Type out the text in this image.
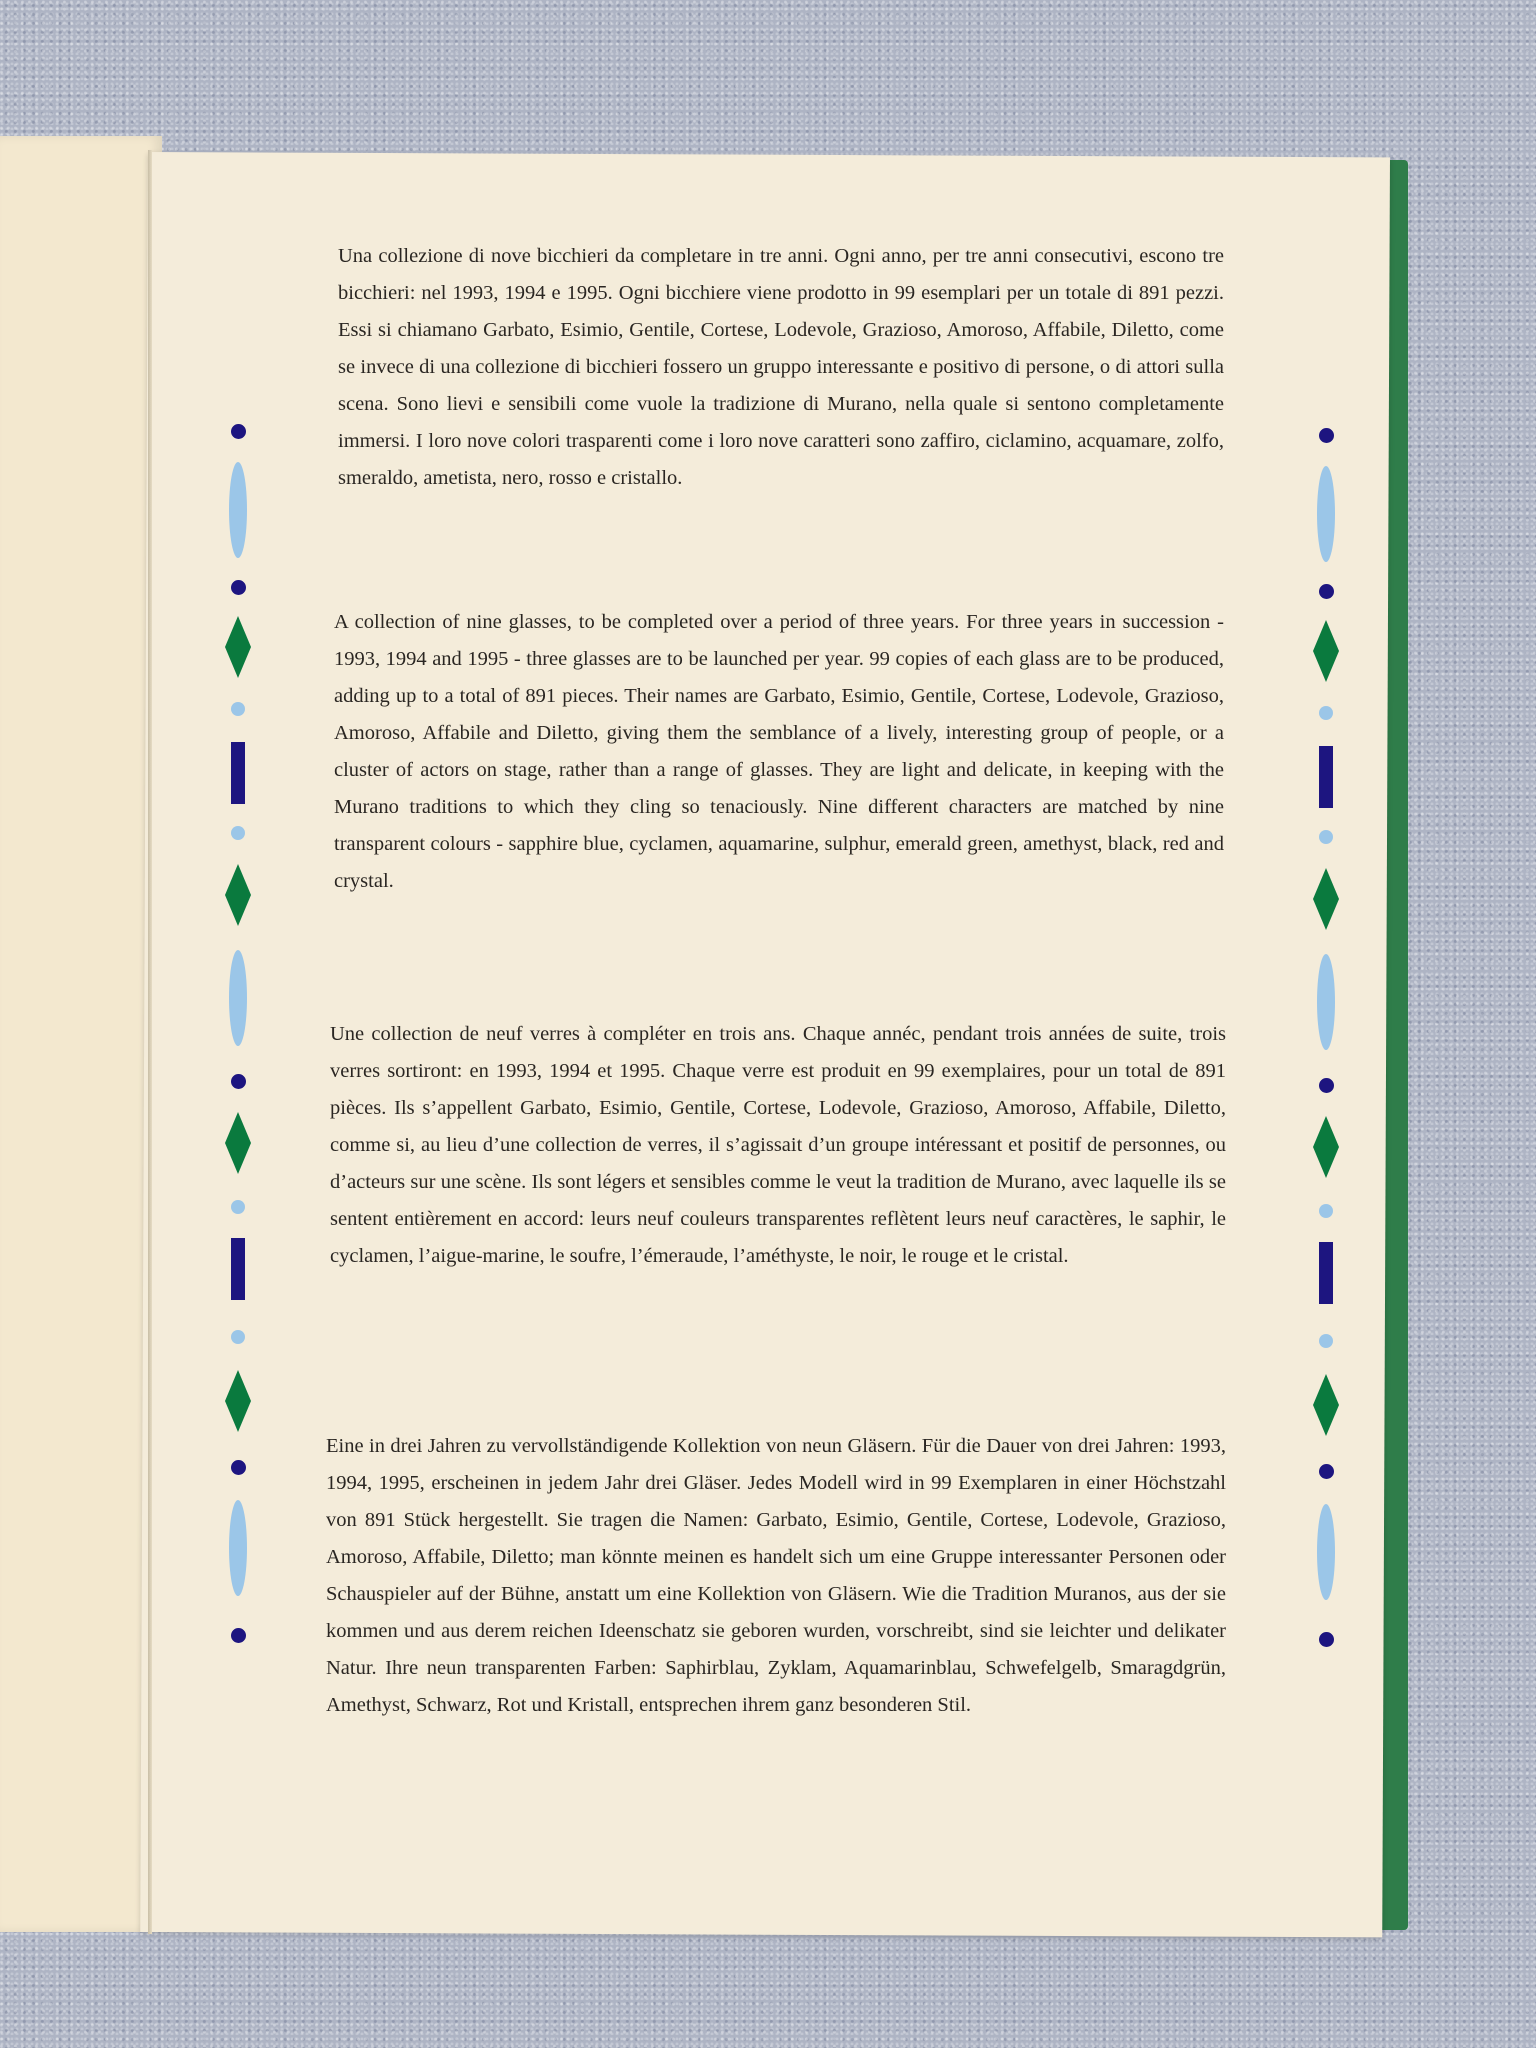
Una collezione di nove bicchieri da completare in tre anni. Ogni anno, per tre anni consecutivi, escono tre bicchieri: nel 1993, 1994 e 1995. Ogni bicchiere viene prodotto in 99 esemplari per un totale di 891 pezzi. Essi si chiamano Garbato, Esimio, Gentile, Cortese, Lodevole, Grazioso, Amoroso, Affabile, Diletto, come se invece di una collezione di bicchieri fossero un gruppo interessante e positivo di persone, o di attori sulla scena. Sono lievi e sensibili come vuole la tradizione di Murano, nella quale si sentono completamente immersi. I loro nove colori trasparenti come i loro nove caratteri sono zaffiro, ciclamino, acquamare, zolfo, smeraldo, ametista, nero, rosso e cristallo.

A collection of nine glasses, to be completed over a period of three years. For three years in succession - 1993, 1994 and 1995 - three glasses are to be launched per year. 99 copies of each glass are to be produced, adding up to a total of 891 pieces. Their names are Garbato, Esimio, Gentile, Cortese, Lodevole, Grazioso, Amoroso, Affabile and Diletto, giving them the semblance of a lively, interesting group of people, or a cluster of actors on stage, rather than a range of glasses. They are light and delicate, in keeping with the Murano traditions to which they cling so tenaciously. Nine different characters are matched by nine transparent colours - sapphire blue, cyclamen, aquamarine, sulphur, emerald green, amethyst, black, red and crystal.

Une collection de neuf verres à compléter en trois ans. Chaque annéc, pendant trois années de suite, trois verres sortiront: en 1993, 1994 et 1995. Chaque verre est produit en 99 exemplaires, pour un total de 891 pièces. Ils s’appellent Garbato, Esimio, Gentile, Cortese, Lodevole, Grazioso, Amoroso, Affabile, Diletto, comme si, au lieu d’une collection de verres, il s’agissait d’un groupe intéressant et positif de personnes, ou d’acteurs sur une scène. Ils sont légers et sensibles comme le veut la tradition de Murano, avec laquelle ils se sentent entièrement en accord: leurs neuf couleurs transparentes reflètent leurs neuf caractères, le saphir, le cyclamen, l’aigue-marine, le soufre, l’émeraude, l’améthyste, le noir, le rouge et le cristal.

Eine in drei Jahren zu vervollständigende Kollektion von neun Gläsern. Für die Dauer von drei Jahren: 1993, 1994, 1995, erscheinen in jedem Jahr drei Gläser. Jedes Modell wird in 99 Exemplaren in einer Höchstzahl von 891 Stück hergestellt. Sie tragen die Namen: Garbato, Esimio, Gentile, Cortese, Lodevole, Grazioso, Amoroso, Affabile, Diletto; man könnte meinen es handelt sich um eine Gruppe interessanter Personen oder Schauspieler auf der Bühne, anstatt um eine Kollektion von Gläsern. Wie die Tradition Muranos, aus der sie kommen und aus derem reichen Ideenschatz sie geboren wurden, vorschreibt, sind sie leichter und delikater Natur. Ihre neun transparenten Farben: Saphirblau, Zyklam, Aquamarinblau, Schwefelgelb, Smaragdgrün, Amethyst, Schwarz, Rot und Kristall, entsprechen ihrem ganz besonderen Stil.
